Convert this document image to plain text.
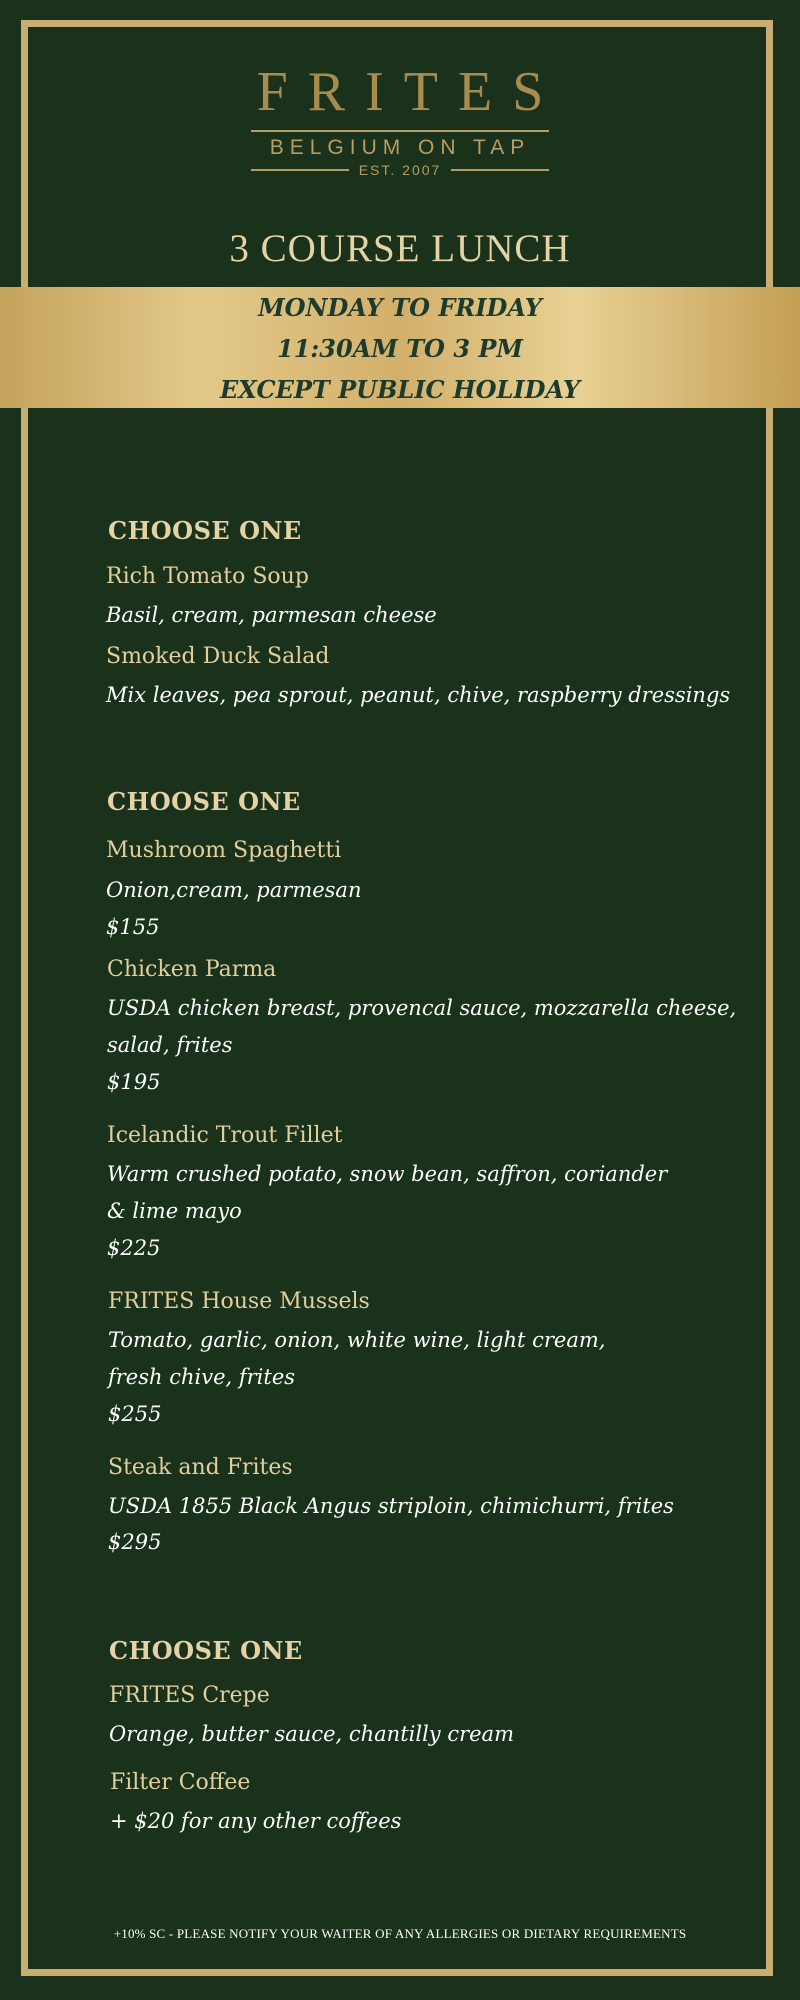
FRITES
BELGIUM ON TAP
EST. 2007
3 COURSE LUNCH
MONDAY TO FRIDAY
11:30AM TO 3 PM
EXCEPT PUBLIC HOLIDAY
CHOOSE ONE
Rich Tomato Soup
Basil, cream, parmesan cheese
Smoked Duck Salad
Mix leaves, pea sprout, peanut, chive, raspberry dressings
CHOOSE ONE
Mushroom Spaghetti
Onion,cream, parmesan
$155
Chicken Parma
USDA chicken breast, provencal sauce, mozzarella cheese,
salad, frites
$195
Icelandic Trout Fillet
Warm crushed potato, snow bean, saffron, coriander
& lime mayo
$225
FRITES House Mussels
Tomato, garlic, onion, white wine, light cream,
fresh chive, frites
$255
Steak and Frites
USDA 1855 Black Angus striploin, chimichurri, frites
$295
CHOOSE ONE
FRITES Crepe
Orange, butter sauce, chantilly cream
Filter Coffee
+ $20 for any other coffees
+10% SC - PLEASE NOTIFY YOUR WAITER OF ANY ALLERGIES OR DIETARY REQUIREMENTS
